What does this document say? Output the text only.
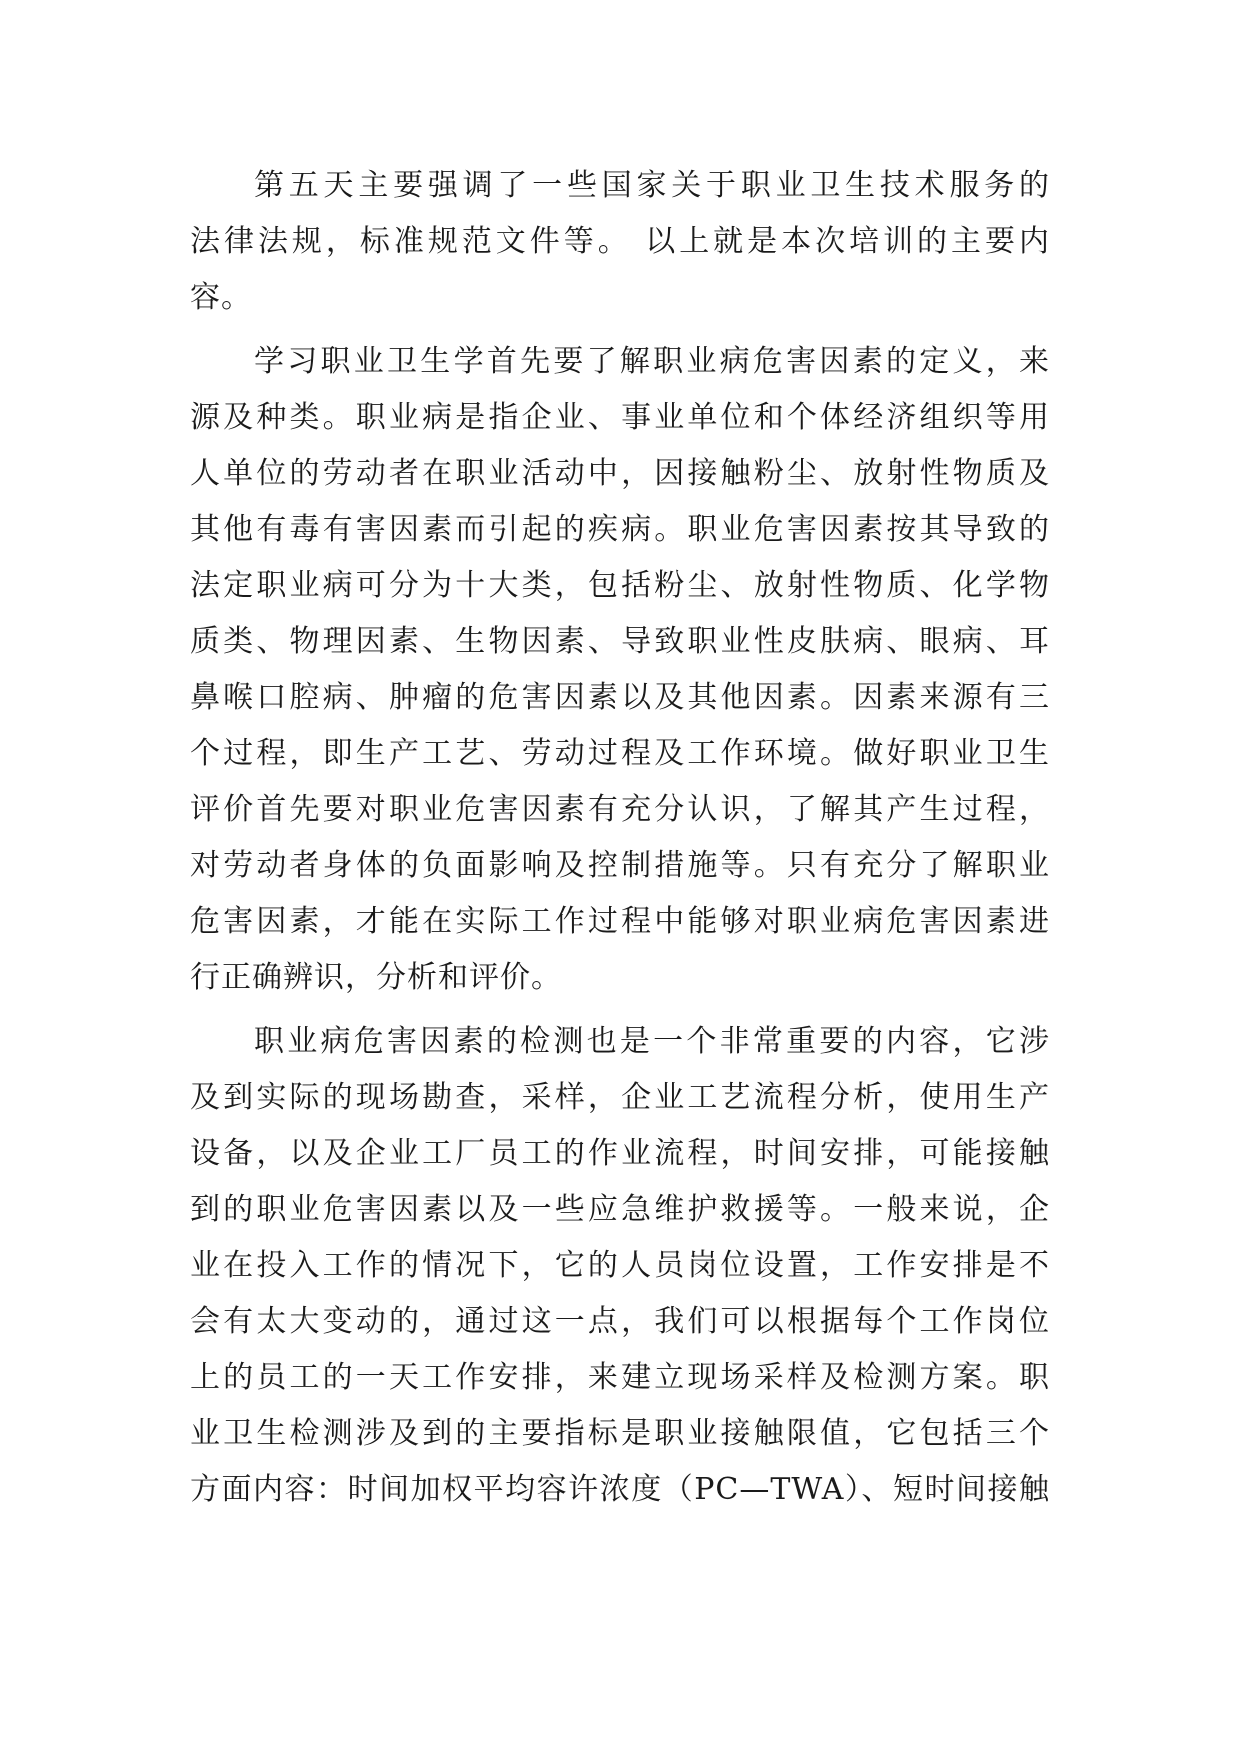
第五天主要强调了一些国家关于职业卫生技术服务的
法律法规，标准规范文件等。 以上就是本次培训的主要内
容。
学习职业卫生学首先要了解职业病危害因素的定义，来
源及种类。职业病是指企业、事业单位和个体经济组织等用
人单位的劳动者在职业活动中，因接触粉尘、放射性物质及
其他有毒有害因素而引起的疾病。职业危害因素按其导致的
法定职业病可分为十大类，包括粉尘、放射性物质、化学物
质类、物理因素、生物因素、导致职业性皮肤病、眼病、耳
鼻喉口腔病、肿瘤的危害因素以及其他因素。因素来源有三
个过程，即生产工艺、劳动过程及工作环境。做好职业卫生
评价首先要对职业危害因素有充分认识，了解其产生过程，
对劳动者身体的负面影响及控制措施等。只有充分了解职业
危害因素，才能在实际工作过程中能够对职业病危害因素进
行正确辨识，分析和评价。
职业病危害因素的检测也是一个非常重要的内容，它涉
及到实际的现场勘查，采样，企业工艺流程分析，使用生产
设备，以及企业工厂员工的作业流程，时间安排，可能接触
到的职业危害因素以及一些应急维护救援等。一般来说，企
业在投入工作的情况下，它的人员岗位设置，工作安排是不
会有太大变动的，通过这一点，我们可以根据每个工作岗位
上的员工的一天工作安排，来建立现场采样及检测方案。职
业卫生检测涉及到的主要指标是职业接触限值，它包括三个
方面内容：时间加权平均容许浓度（PC—TWA）、短时间接触
